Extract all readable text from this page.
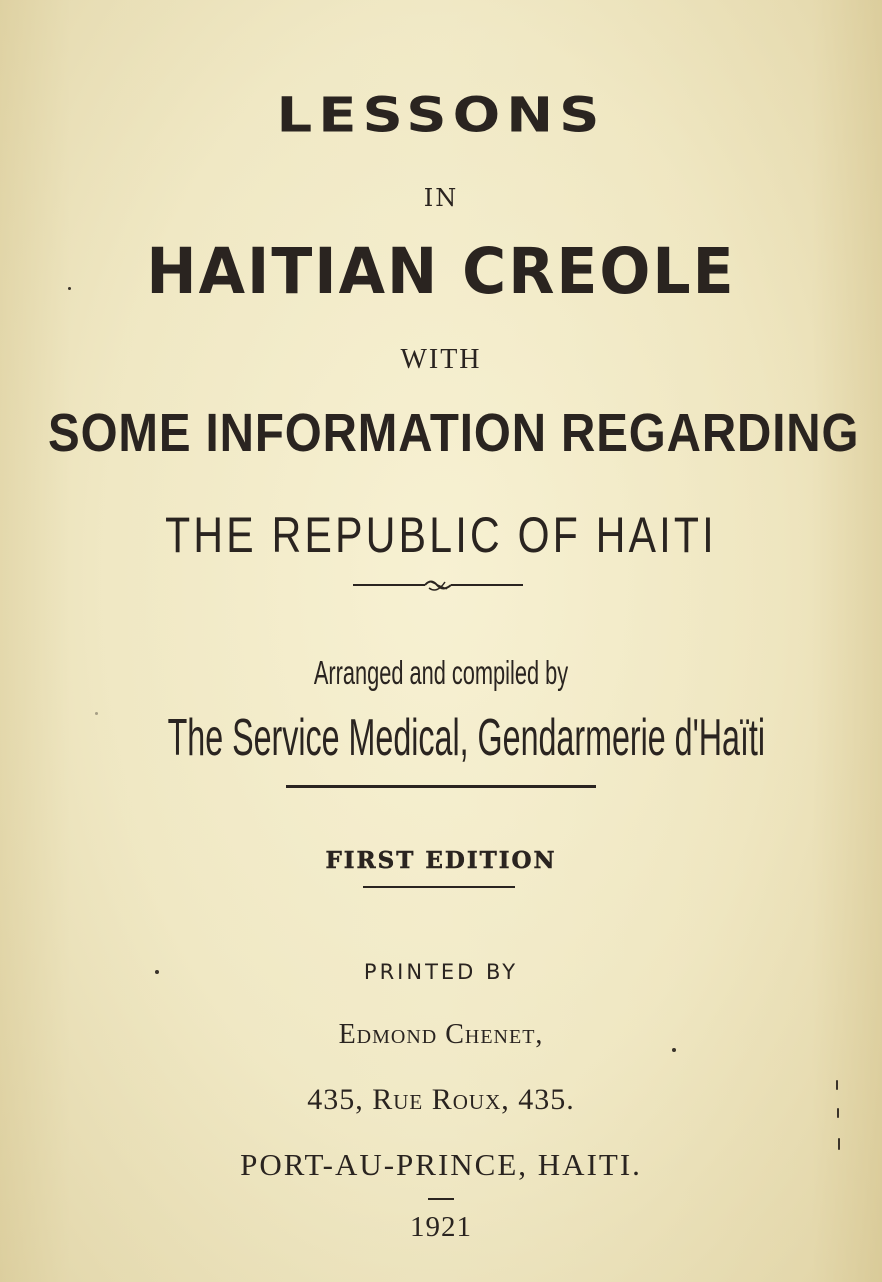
LESSONS
IN
HAITIAN CREOLE
WITH
SOME INFORMATION REGARDING
THE REPUBLIC OF HAITI
Arranged and compiled by
The Service Medical, Gendarmerie d'Haïti
FIRST EDITION
PRINTED BY
Edmond Chenet,
435, Rue Roux, 435.
PORT-AU-PRINCE, HAITI.
1921
